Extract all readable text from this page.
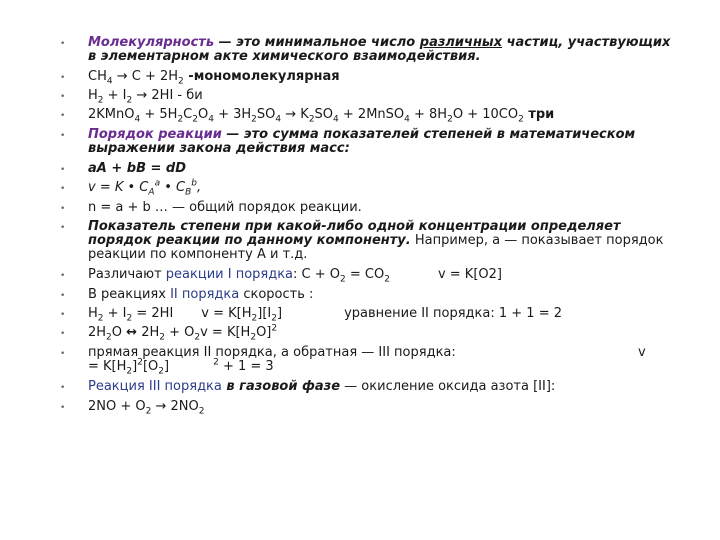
• Молекулярность — это минимальное число различных частиц, участвующих
в элементарном акте химического взаимодействия.
• $CH_4 \to C + 2H_2$ -мономолекулярная
• $H_2 + I_2 \to 2HI$ - би
• 2KMnO$_4$ + $5H_2C_2O_4 + 3H_2SO_4 \to K_2SO_4$ + 2MnSO$_4$ + $8H_2O + 10CO_2$ три
• Порядок реакции — это сумма показателей степеней в математическом
выражении закона действия масс:
• aA + bB = dD
• v = K • $C_A^a$ • $C_B^b$,
• n = a + b … — общий порядок реакции.
• Показатель степени при какой-либо одной концентрации определяет
порядок реакции по данному компоненту. Например, a — показывает порядок
реакции по компоненту А и т.д.
• Различают реакции I порядка: $C + O_2 = CO_2$	v = K[O2]
• В реакциях II порядка скорость :
• $H_2 + I_2 = 2HI$ $v = K[H_2][I_2]$	уравнение II порядка: 1 + 1 = 2
• $2H_2O$ ↔ $2H_2 + O_2v = K[H_2O]^2$
• прямая реакция II порядка, а обратная — III порядка:	v

= $K[H_2]^2[O_2]$	$^2$ + 1 = 3
• Реакция III порядка в газовой фазе — окисление оксида азота [II]:
• $2NO + O_2 \to 2NO_2$
